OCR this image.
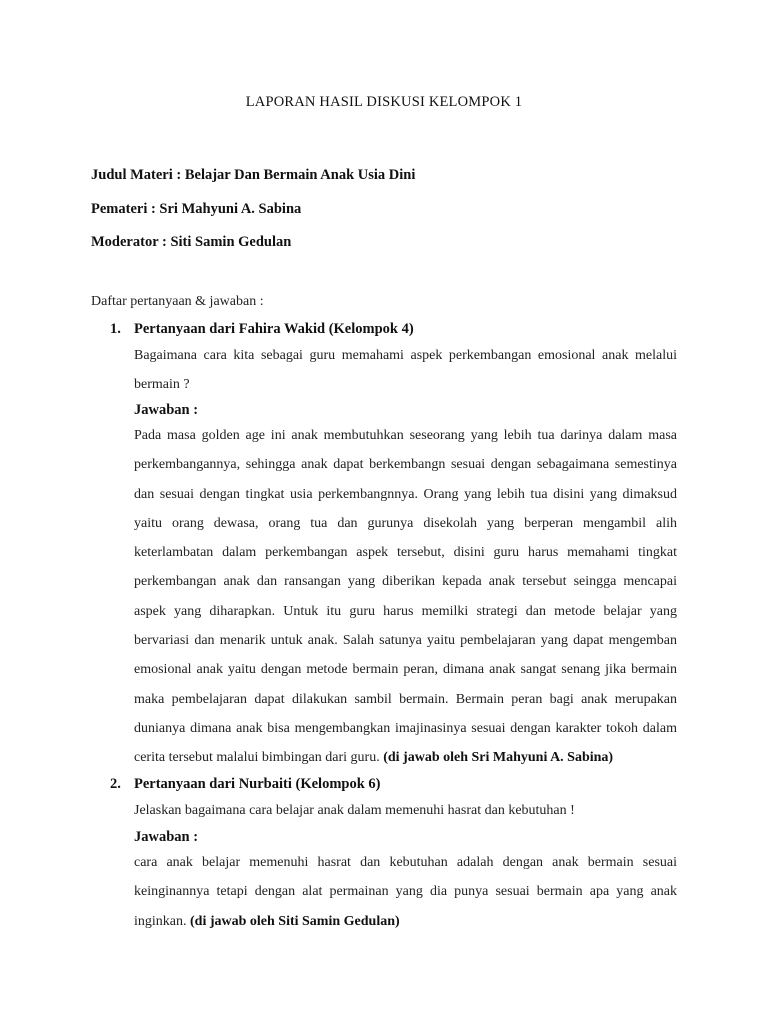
LAPORAN HASIL DISKUSI KELOMPOK 1
Judul Materi : Belajar Dan Bermain Anak Usia Dini
Pemateri : Sri Mahyuni A. Sabina
Moderator : Siti Samin Gedulan
Daftar pertanyaan & jawaban :
1. Pertanyaan dari Fahira Wakid (Kelompok 4)
Bagaimana cara kita sebagai guru memahami aspek perkembangan emosional anak melalui bermain ?
Jawaban :
Pada masa golden age ini anak membutuhkan seseorang yang lebih tua darinya dalam masa perkembangannya, sehingga anak dapat berkembangn sesuai dengan sebagaimana semestinya dan sesuai dengan tingkat usia perkembangnnya. Orang yang lebih tua disini yang dimaksud yaitu orang dewasa, orang tua dan gurunya disekolah yang berperan mengambil alih keterlambatan dalam perkembangan aspek tersebut, disini guru harus memahami tingkat perkembangan anak dan ransangan yang diberikan kepada anak tersebut seingga mencapai aspek yang diharapkan. Untuk itu guru harus memilki strategi dan metode belajar yang bervariasi dan menarik untuk anak. Salah satunya yaitu pembelajaran yang dapat mengemban emosional anak yaitu dengan metode bermain peran, dimana anak sangat senang jika bermain maka pembelajaran dapat dilakukan sambil bermain. Bermain peran bagi anak merupakan dunianya dimana anak bisa mengembangkan imajinasinya sesuai dengan karakter tokoh dalam cerita tersebut malalui bimbingan dari guru. (di jawab oleh Sri Mahyuni A. Sabina)
2. Pertanyaan dari Nurbaiti (Kelompok 6)
Jelaskan bagaimana cara belajar anak dalam memenuhi hasrat dan kebutuhan !
Jawaban :
cara anak belajar memenuhi hasrat dan kebutuhan adalah dengan anak bermain sesuai keinginannya tetapi dengan alat permainan yang dia punya sesuai bermain apa yang anak inginkan. (di jawab oleh Siti Samin Gedulan)
